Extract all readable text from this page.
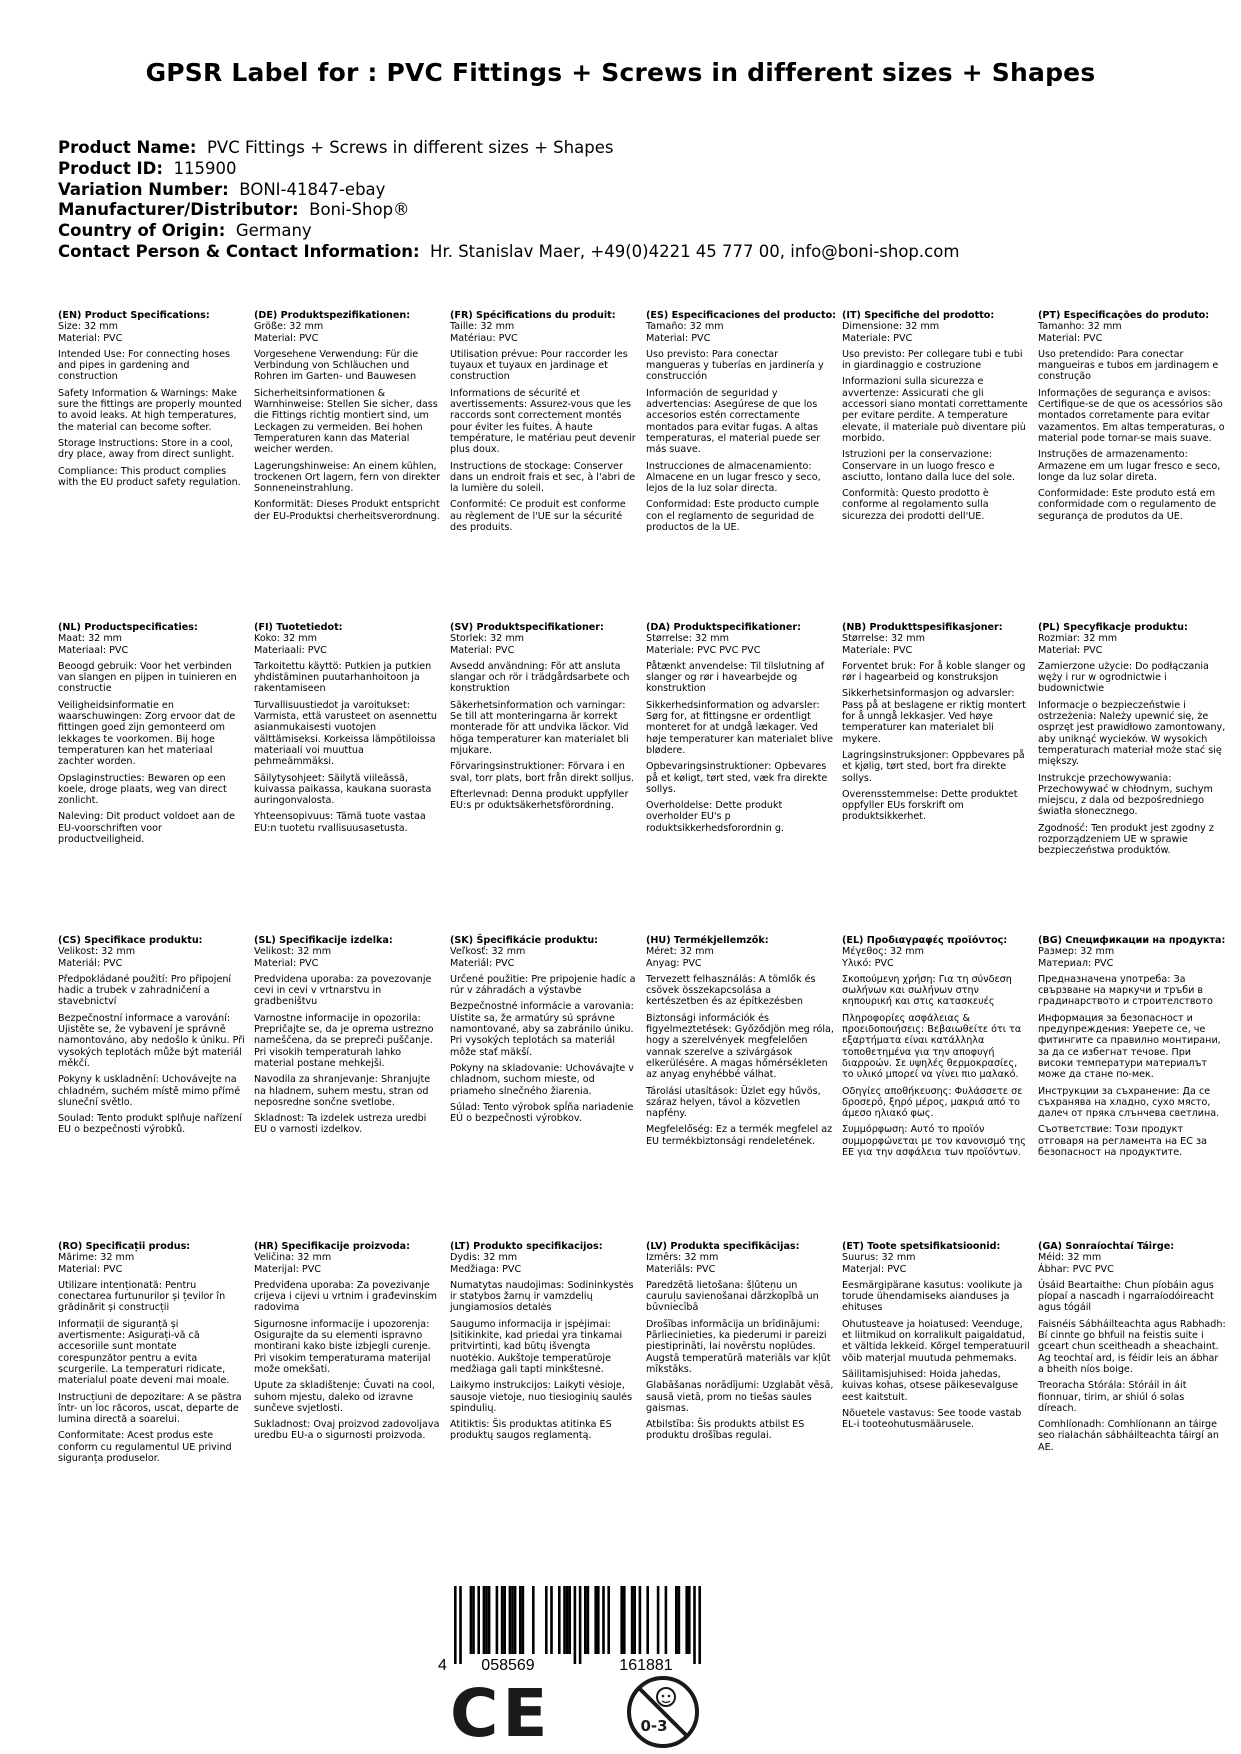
GPSR Label for : PVC Fittings + Screws in different sizes + Shapes
Product Name: PVC Fittings + Screws in different sizes + Shapes
Product ID: 115900
Variation Number: BONI-41847-ebay
Manufacturer/Distributor: Boni-Shop®
Country of Origin: Germany
Contact Person & Contact Information: Hr. Stanislav Maer, +49(0)4221 45 777 00, info@boni-shop.com
(EN) Product Specifications:
Size: 32 mm
Material: PVC
Intended Use: For connecting hoses and pipes in gardening and construction
Safety Information & Warnings: Make sure the fittings are properly mounted to avoid leaks. At high temperatures, the material can become softer.
Storage Instructions: Store in a cool, dry place, away from direct sunlight.
Compliance: This product complies with the EU product safety regulation.
(DE) Produktspezifikationen:
Größe: 32 mm
Material: PVC
Vorgesehene Verwendung: Für die Verbindung von Schläuchen und Rohren im Garten- und Bauwesen
Sicherheitsinformationen & Warnhinweise: Stellen Sie sicher, dass die Fittings richtig montiert sind, um Leckagen zu vermeiden. Bei hohen Temperaturen kann das Material weicher werden.
Lagerungshinweise: An einem kühlen, trockenen Ort lagern, fern von direkter Sonneneinstrahlung.
Konformität: Dieses Produkt entspricht der EU-Produktsi cherheitsverordnung.
(FR) Spécifications du produit:
Taille: 32 mm
Matériau: PVC
Utilisation prévue: Pour raccorder les tuyaux et tuyaux en jardinage et construction
Informations de sécurité et avertissements: Assurez-vous que les raccords sont correctement montés pour éviter les fuites. À haute température, le matériau peut devenir plus doux.
Instructions de stockage: Conserver dans un endroit frais et sec, à l'abri de la lumière du soleil.
Conformité: Ce produit est conforme au règlement de l'UE sur la sécurité des produits.
(ES) Especificaciones del producto:
Tamaño: 32 mm
Material: PVC
Uso previsto: Para conectar mangueras y tuberías en jardinería y construcción
Información de seguridad y advertencias: Asegúrese de que los accesorios estén correctamente montados para evitar fugas. A altas temperaturas, el material puede ser más suave.
Instrucciones de almacenamiento: Almacene en un lugar fresco y seco, lejos de la luz solar directa.
Conformidad: Este producto cumple con el reglamento de seguridad de productos de la UE.
(IT) Specifiche del prodotto:
Dimensione: 32 mm
Materiale: PVC
Uso previsto: Per collegare tubi e tubi in giardinaggio e costruzione
Informazioni sulla sicurezza e avvertenze: Assicurati che gli accessori siano montati correttamente per evitare perdite. A temperature elevate, il materiale può diventare più morbido.
Istruzioni per la conservazione: Conservare in un luogo fresco e asciutto, lontano dalla luce del sole.
Conformità: Questo prodotto è conforme al regolamento sulla sicurezza dei prodotti dell'UE.
(PT) Especificações do produto:
Tamanho: 32 mm
Material: PVC
Uso pretendido: Para conectar mangueiras e tubos em jardinagem e construção
Informações de segurança e avisos: Certifique-se de que os acessórios são montados corretamente para evitar vazamentos. Em altas temperaturas, o material pode tornar-se mais suave.
Instruções de armazenamento: Armazene em um lugar fresco e seco, longe da luz solar direta.
Conformidade: Este produto está em conformidade com o regulamento de segurança de produtos da UE.
(NL) Productspecificaties:
Maat: 32 mm
Materiaal: PVC
Beoogd gebruik: Voor het verbinden van slangen en pijpen in tuinieren en constructie
Veiligheidsinformatie en waarschuwingen: Zorg ervoor dat de fittingen goed zijn gemonteerd om lekkages te voorkomen. Bij hoge temperaturen kan het materiaal zachter worden.
Opslaginstructies: Bewaren op een koele, droge plaats, weg van direct zonlicht.
Naleving: Dit product voldoet aan de EU-voorschriften voor productveiligheid.
(FI) Tuotetiedot:
Koko: 32 mm
Materiaali: PVC
Tarkoitettu käyttö: Putkien ja putkien yhdistäminen puutarhanhoitoon ja rakentamiseen
Turvallisuustiedot ja varoitukset: Varmista, että varusteet on asennettu asianmukaisesti vuotojen välttämiseksi. Korkeissa lämpötiloissa materiaali voi muuttua pehmeämmäksi.
Säilytysohjeet: Säilytä viileässä, kuivassa paikassa, kaukana suorasta auringonvalosta.
Yhteensopivuus: Tämä tuote vastaa EU:n tuotetu rvallisuusasetusta.
(SV) Produktspecifikationer:
Storlek: 32 mm
Material: PVC
Avsedd användning: För att ansluta slangar och rör i trädgårdsarbete och konstruktion
Säkerhetsinformation och varningar: Se till att monteringarna är korrekt monterade för att undvika läckor. Vid höga temperaturer kan materialet bli mjukare.
Förvaringsinstruktioner: Förvara i en sval, torr plats, bort från direkt solljus.
Efterlevnad: Denna produkt uppfyller EU:s pr oduktsäkerhetsförordning.
(DA) Produktspecifikationer:
Størrelse: 32 mm
Materiale: PVC PVC PVC
Påtænkt anvendelse: Til tilslutning af slanger og rør i havearbejde og konstruktion
Sikkerhedsinformation og advarsler: Sørg for, at fittingsne er ordentligt monteret for at undgå lækager. Ved høje temperaturer kan materialet blive blødere.
Opbevaringsinstruktioner: Opbevares på et køligt, tørt sted, væk fra direkte sollys.
Overholdelse: Dette produkt overholder EU's p roduktsikkerhedsforordnin g.
(NB) Produkttspesifikasjoner:
Størrelse: 32 mm
Materiale: PVC
Forventet bruk: For å koble slanger og rør i hagearbeid og konstruksjon
Sikkerhetsinformasjon og advarsler: Pass på at beslagene er riktig montert for å unngå lekkasjer. Ved høye temperaturer kan materialet bli mykere.
Lagringsinstruksjoner: Oppbevares på et kjølig, tørt sted, bort fra direkte sollys.
Overensstemmelse: Dette produktet oppfyller EUs forskrift om produktsikkerhet.
(PL) Specyfikacje produktu:
Rozmiar: 32 mm
Materiał: PVC
Zamierzone użycie: Do podłączania węży i rur w ogrodnictwie i budownictwie
Informacje o bezpieczeństwie i ostrzeżenia: Należy upewnić się, że osprzęt jest prawidłowo zamontowany, aby uniknąć wycieków. W wysokich temperaturach materiał może stać się miększy.
Instrukcje przechowywania: Przechowywać w chłodnym, suchym miejscu, z dala od bezpośredniego światła słonecznego.
Zgodność: Ten produkt jest zgodny z rozporządzeniem UE w sprawie bezpieczeństwa produktów.
(CS) Specifikace produktu:
Velikost: 32 mm
Materiál: PVC
Předpokládané použití: Pro připojení hadic a trubek v zahradničení a stavebnictví
Bezpečnostní informace a varování: Ujistěte se, že vybavení je správně namontováno, aby nedošlo k úniku. Při vysokých teplotách může být materiál měkčí.
Pokyny k uskladnění: Uchovávejte na chladném, suchém místě mimo přímé sluneční světlo.
Soulad: Tento produkt splňuje nařízení EU o bezpečnosti výrobků.
(SL) Specifikacije izdelka:
Velikost: 32 mm
Material: PVC
Predvidena uporaba: za povezovanje cevi in cevi v vrtnarstvu in gradbeništvu
Varnostne informacije in opozorila: Prepričajte se, da je oprema ustrezno nameščena, da se prepreči puščanje. Pri visokih temperaturah lahko material postane mehkejši.
Navodila za shranjevanje: Shranjujte na hladnem, suhem mestu, stran od neposredne sončne svetlobe.
Skladnost: Ta izdelek ustreza uredbi EU o varnosti izdelkov.
(SK) Špecifikácie produktu:
Veľkosť: 32 mm
Materiál: PVC
Určené použitie: Pre pripojenie hadíc a rúr v záhradách a výstavbe
Bezpečnostné informácie a varovania: Uistite sa, že armatúry sú správne namontované, aby sa zabránilo úniku. Pri vysokých teplotách sa materiál môže stať mäkší.
Pokyny na skladovanie: Uchovávajte v chladnom, suchom mieste, od priameho slnečného žiarenia.
Súlad: Tento výrobok spĺňa nariadenie EÚ o bezpečnosti výrobkov.
(HU) Termékjellemzők:
Méret: 32 mm
Anyag: PVC
Tervezett felhasználás: A tömlők és csövek összekapcsolása a kertészetben és az építkezésben
Biztonsági információk és figyelmeztetések: Győződjön meg róla, hogy a szerelvények megfelelően vannak szerelve a szivárgások elkerülésére. A magas hőmérsékleten az anyag enyhébbé válhat.
Tárolási utasítások: Üzlet egy hűvös, száraz helyen, távol a közvetlen napfény.
Megfelelőség: Ez a termék megfelel az EU termékbiztonsági rendeletének.
(EL) Προδιαγραφές προϊόντος:
Μέγεθος: 32 mm
Υλικό: PVC
Σκοπούμενη χρήση: Για τη σύνδεση σωλήνων και σωλήνων στην κηπουρική και στις κατασκευές
Πληροφορίες ασφάλειας & προειδοποιήσεις: Βεβαιωθείτε ότι τα εξαρτήματα είναι κατάλληλα τοποθετημένα για την αποφυγή διαρροών. Σε υψηλές θερμοκρασίες, το υλικό μπορεί να γίνει πιο μαλακό.
Οδηγίες αποθήκευσης: Φυλάσσετε σε δροσερό, ξηρό μέρος, μακριά από το άμεσο ηλιακό φως.
Συμμόρφωση: Αυτό το προϊόν συμμορφώνεται με τον κανονισμό της ΕΕ για την ασφάλεια των προϊόντων.
(BG) Спецификации на продукта:
Размер: 32 mm
Материал: PVC
Предназначена употреба: За свързване на маркучи и тръби в градинарството и строителството
Информация за безопасност и предупреждения: Уверете се, че фитингите са правилно монтирани, за да се избегнат течове. При високи температури материалът може да стане по-мек.
Инструкции за съхранение: Да се съхранява на хладно, сухо място, далеч от пряка слънчева светлина.
Съответствие: Този продукт отговаря на регламента на ЕС за безопасност на продуктите.
(RO) Specificații produs:
Mărime: 32 mm
Material: PVC
Utilizare intenționată: Pentru conectarea furtunurilor și țevilor în grădinărit și construcții
Informații de siguranță și avertismente: Asigurați-vă că accesoriile sunt montate corespunzător pentru a evita scurgerile. La temperaturi ridicate, materialul poate deveni mai moale.
Instrucțiuni de depozitare: A se păstra într- un loc răcoros, uscat, departe de lumina directă a soarelui.
Conformitate: Acest produs este conform cu regulamentul UE privind siguranța produselor.
(HR) Specifikacije proizvoda:
Veličina: 32 mm
Materijal: PVC
Predviđena uporaba: Za povezivanje crijeva i cijevi u vrtnim i građevinskim radovima
Sigurnosne informacije i upozorenja: Osigurajte da su elementi ispravno montirani kako biste izbjegli curenje. Pri visokim temperaturama materijal može omekšati.
Upute za skladištenje: Čuvati na cool, suhom mjestu, daleko od izravne sunčeve svjetlosti.
Sukladnost: Ovaj proizvod zadovoljava uredbu EU-a o sigurnosti proizvoda.
(LT) Produkto specifikacijos:
Dydis: 32 mm
Medžiaga: PVC
Numatytas naudojimas: Sodininkystės ir statybos žarnų ir vamzdelių jungiamosios detalės
Saugumo informacija ir įspėjimai: Įsitikinkite, kad priedai yra tinkamai pritvirtinti, kad būtų išvengta nuotėkio. Aukštoje temperatūroje medžiaga gali tapti minkštesnė.
Laikymo instrukcijos: Laikyti vėsioje, sausoje vietoje, nuo tiesioginių saulės spindulių.
Atitiktis: Šis produktas atitinka ES produktų saugos reglamentą.
(LV) Produkta specifikācijas:
Izmērs: 32 mm
Materiāls: PVC
Paredzētā lietošana: šļūteņu un cauruļu savienošanai dārzkopībā un būvniecībā
Drošības informācija un brīdinājumi: Pārliecinieties, ka piederumi ir pareizi piestiprināti, lai novērstu noplūdes. Augstā temperatūrā materiāls var kļūt mīkstāks.
Glabāšanas norādījumi: Uzglabāt vēsā, sausā vietā, prom no tiešas saules gaismas.
Atbilstība: Šis produkts atbilst ES produktu drošības regulai.
(ET) Toote spetsifikatsioonid:
Suurus: 32 mm
Materjal: PVC
Eesmärgipärane kasutus: voolikute ja torude ühendamiseks aianduses ja ehituses
Ohutusteave ja hoiatused: Veenduge, et liitmikud on korralikult paigaldatud, et vältida lekkeid. Kõrgel temperatuuril võib materjal muutuda pehmemaks.
Säilitamisjuhised: Hoida jahedas, kuivas kohas, otsese päikesevalguse eest kaitstult.
Nõuetele vastavus: See toode vastab EL-i tooteohutusmäärusele.
(GA) Sonraíochtaí Táirge:
Méid: 32 mm
Ábhar: PVC PVC
Úsáid Beartaithe: Chun píobáin agus píopaí a nascadh i ngarraíodóireacht agus tógáil
Faisnéis Sábháilteachta agus Rabhadh: Bí cinnte go bhfuil na feistis suite i gceart chun sceitheadh a sheachaint. Ag teochtaí ard, is féidir leis an ábhar a bheith níos boige.
Treoracha Stórála: Stóráil in áit fionnuar, tirim, ar shiúl ó solas díreach.
Comhlíonadh: Comhlíonann an táirge seo rialachán sábháilteachta táirgí an AE.
4 058569	161881
CE	0-3
